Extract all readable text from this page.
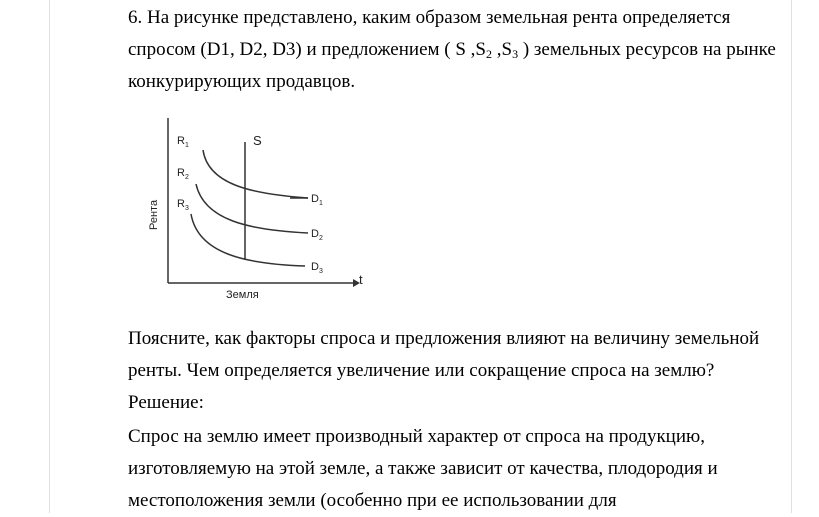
6. На рисунке представлено, каким образом земельная рента определяется
спросом (D1, D2, D3) и предложением ( S $,S_2$ $,S_3$ ) земельных ресурсов на рынке
конкурирующих продавцов.
t
Земля
Рента
S
$R_1$
$R_2$
$R_3$
$D_1$
$D_2$
$D_3$
Поясните, как факторы спроса и предложения влияют на величину земельной
ренты. Чем определяется увеличение или сокращение спроса на землю?
Решение:
Спрос на землю имеет производный характер от спроса на продукцию,
изготовляемую на этой земле, а также зависит от качества, плодородия и
местоположения земли (особенно при ее использовании для
